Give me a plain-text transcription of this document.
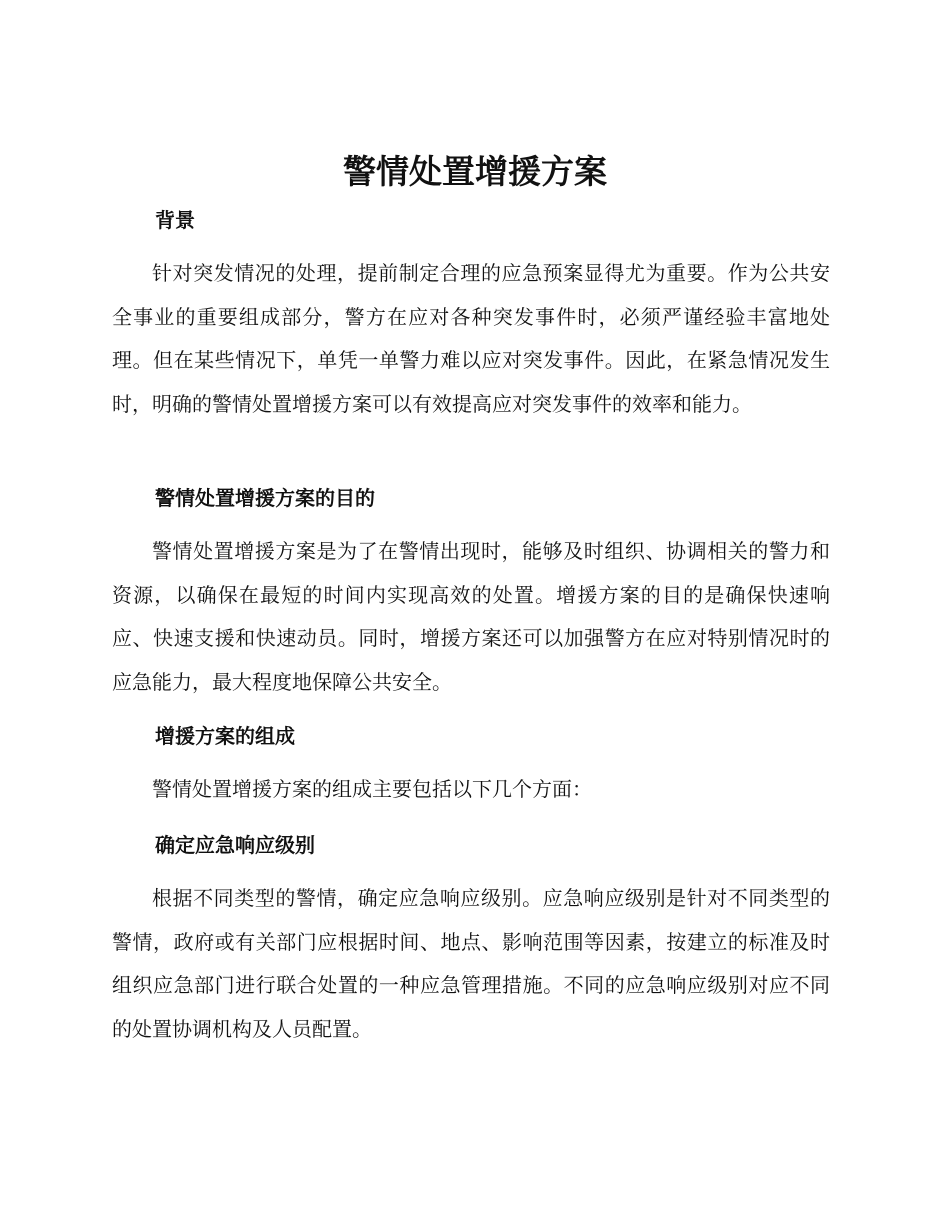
警情处置增援方案
背景

针对突发情况的处理，提前制定合理的应急预案显得尤为重要。作为公共安全事业的重要组成部分，警方在应对各种突发事件时，必须严谨经验丰富地处理。但在某些情况下，单凭一单警力难以应对突发事件。因此，在紧急情况发生时，明确的警情处置增援方案可以有效提高应对突发事件的效率和能力。

警情处置增援方案的目的

警情处置增援方案是为了在警情出现时，能够及时组织、协调相关的警力和资源，以确保在最短的时间内实现高效的处置。增援方案的目的是确保快速响应、快速支援和快速动员。同时，增援方案还可以加强警方在应对特别情况时的应急能力，最大程度地保障公共安全。

增援方案的组成

警情处置增援方案的组成主要包括以下几个方面：

确定应急响应级别

根据不同类型的警情，确定应急响应级别。应急响应级别是针对不同类型的警情，政府或有关部门应根据时间、地点、影响范围等因素，按建立的标准及时组织应急部门进行联合处置的一种应急管理措施。不同的应急响应级别对应不同的处置协调机构及人员配置。
